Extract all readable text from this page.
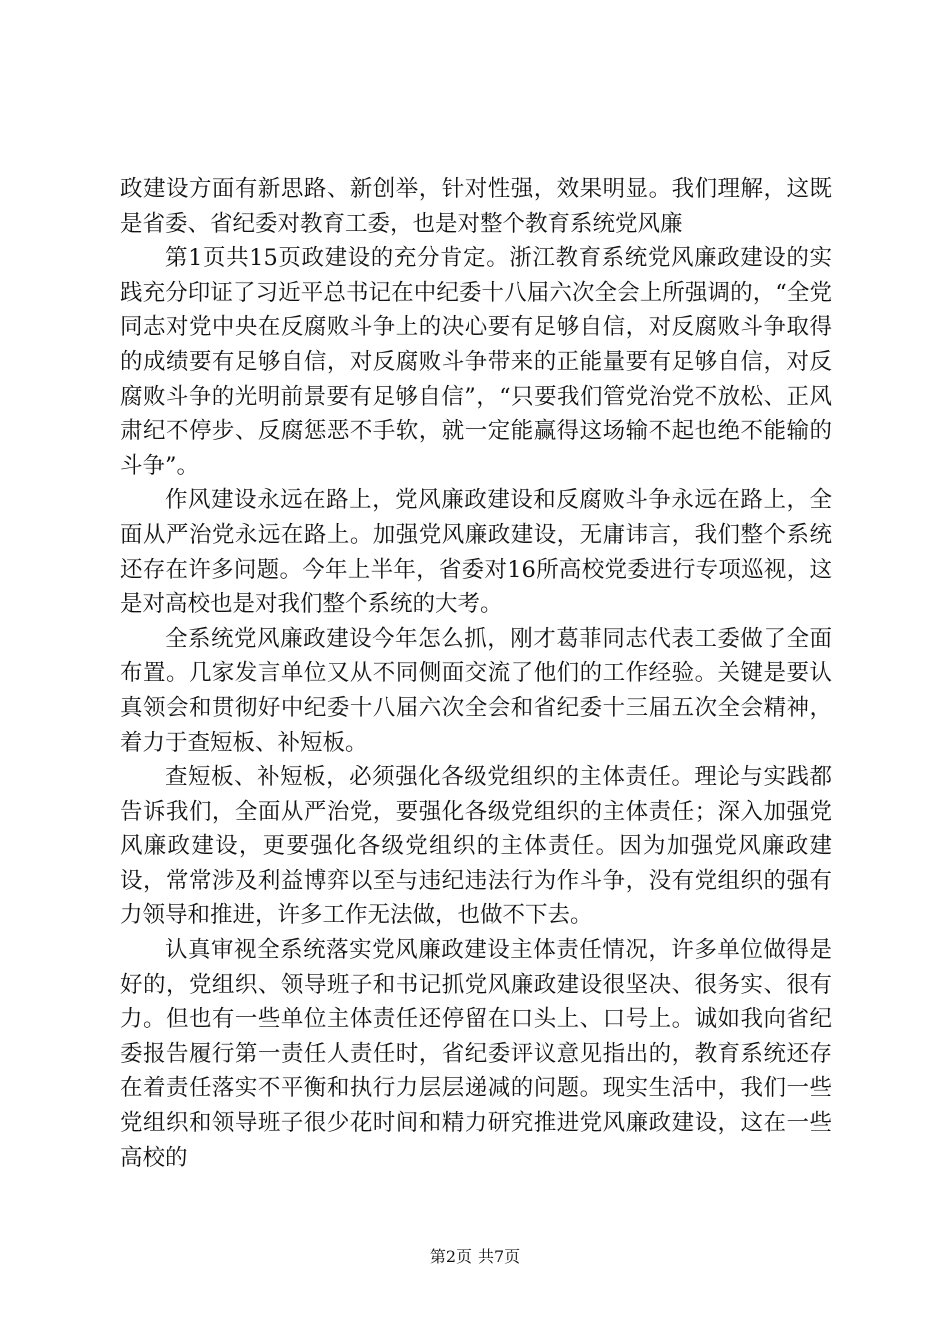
政建设方面有新思路、新创举，针对性强，效果明显。我们理解，这既是省委、省纪委对教育工委，也是对整个教育系统党风廉

第1页共15页政建设的充分肯定。浙江教育系统党风廉政建设的实践充分印证了习近平总书记在中纪委十八届六次全会上所强调的，“全党同志对党中央在反腐败斗争上的决心要有足够自信，对反腐败斗争取得的成绩要有足够自信，对反腐败斗争带来的正能量要有足够自信，对反腐败斗争的光明前景要有足够自信”，“只要我们管党治党不放松、正风肃纪不停步、反腐惩恶不手软，就一定能赢得这场输不起也绝不能输的斗争”。

作风建设永远在路上，党风廉政建设和反腐败斗争永远在路上，全面从严治党永远在路上。加强党风廉政建设，无庸讳言，我们整个系统还存在许多问题。今年上半年，省委对16所高校党委进行专项巡视，这是对高校也是对我们整个系统的大考。

全系统党风廉政建设今年怎么抓，刚才葛菲同志代表工委做了全面布置。几家发言单位又从不同侧面交流了他们的工作经验。关键是要认真领会和贯彻好中纪委十八届六次全会和省纪委十三届五次全会精神，着力于查短板、补短板。

查短板、补短板，必须强化各级党组织的主体责任。理论与实践都告诉我们，全面从严治党，要强化各级党组织的主体责任；深入加强党风廉政建设，更要强化各级党组织的主体责任。因为加强党风廉政建设，常常涉及利益博弈以至与违纪违法行为作斗争，没有党组织的强有力领导和推进，许多工作无法做，也做不下去。

认真审视全系统落实党风廉政建设主体责任情况，许多单位做得是好的，党组织、领导班子和书记抓党风廉政建设很坚决、很务实、很有力。但也有一些单位主体责任还停留在口头上、口号上。诚如我向省纪委报告履行第一责任人责任时，省纪委评议意见指出的，教育系统还存在着责任落实不平衡和执行力层层递减的问题。现实生活中，我们一些党组织和领导班子很少花时间和精力研究推进党风廉政建设，这在一些高校的

第2页 共7页
